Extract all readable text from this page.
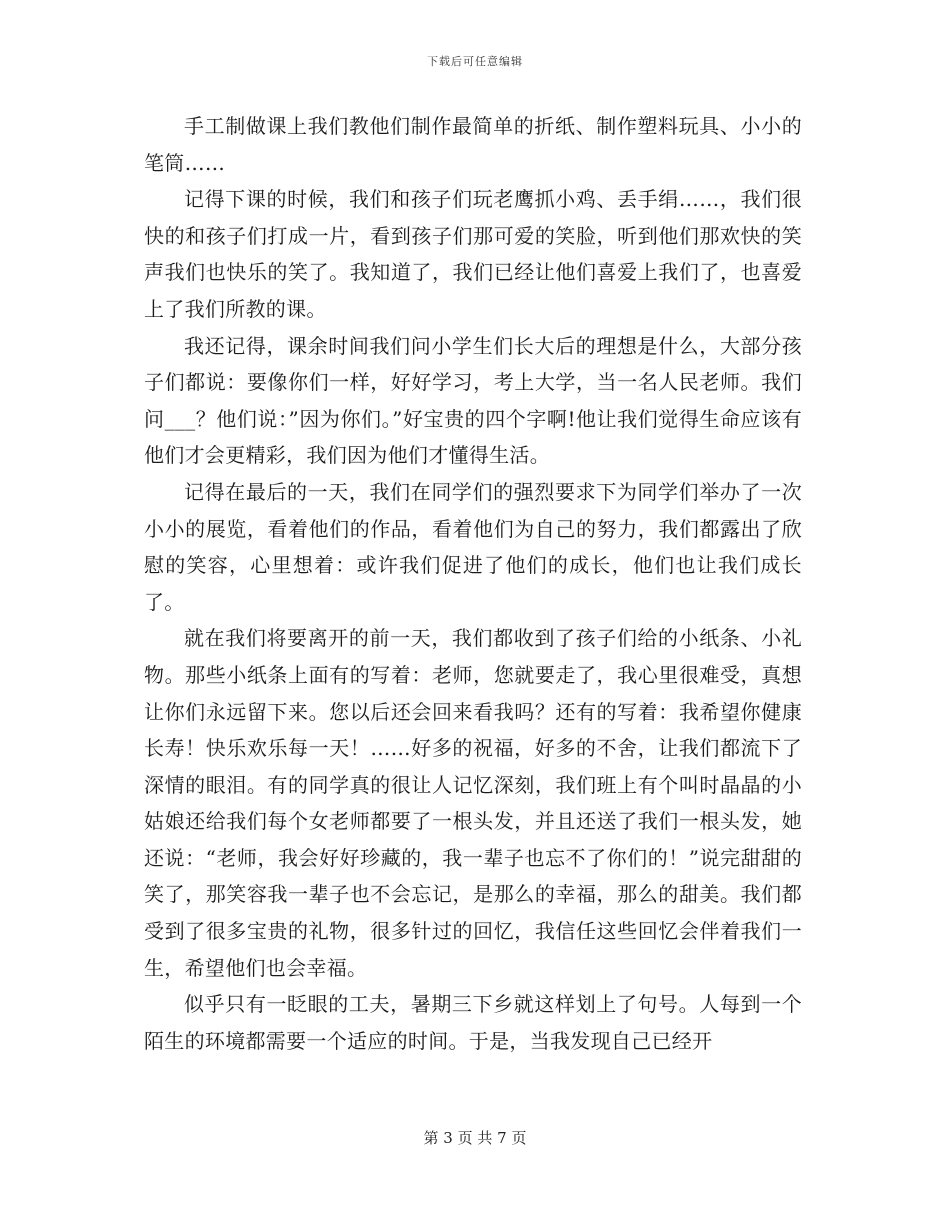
下载后可任意编辑

手工制做课上我们教他们制作最简单的折纸、制作塑料玩具、小小的笔筒……

记得下课的时候，我们和孩子们玩老鹰抓小鸡、丢手绢……，我们很快的和孩子们打成一片，看到孩子们那可爱的笑脸，听到他们那欢快的笑声我们也快乐的笑了。我知道了，我们已经让他们喜爱上我们了，也喜爱上了我们所教的课。

我还记得，课余时间我们问小学生们长大后的理想是什么，大部分孩子们都说：要像你们一样，好好学习，考上大学，当一名人民老师。我们问___？他们说：”因为你们。”好宝贵的四个字啊!他让我们觉得生命应该有他们才会更精彩，我们因为他们才懂得生活。

记得在最后的一天，我们在同学们的强烈要求下为同学们举办了一次小小的展览，看着他们的作品，看着他们为自己的努力，我们都露出了欣慰的笑容，心里想着：或许我们促进了他们的成长，他们也让我们成长了。

就在我们将要离开的前一天，我们都收到了孩子们给的小纸条、小礼物。那些小纸条上面有的写着：老师，您就要走了，我心里很难受，真想让你们永远留下来。您以后还会回来看我吗？还有的写着：我希望你健康长寿！快乐欢乐每一天！……好多的祝福，好多的不舍，让我们都流下了深情的眼泪。有的同学真的很让人记忆深刻，我们班上有个叫时晶晶的小姑娘还给我们每个女老师都要了一根头发，并且还送了我们一根头发，她还说：“老师，我会好好珍藏的，我一辈子也忘不了你们的！”说完甜甜的笑了，那笑容我一辈子也不会忘记，是那么的幸福，那么的甜美。我们都受到了很多宝贵的礼物，很多针过的回忆，我信任这些回忆会伴着我们一生，希望他们也会幸福。

似乎只有一眨眼的工夫，暑期三下乡就这样划上了句号。人每到一个陌生的环境都需要一个适应的时间。于是，当我发现自己已经开

第 3 页 共 7 页
